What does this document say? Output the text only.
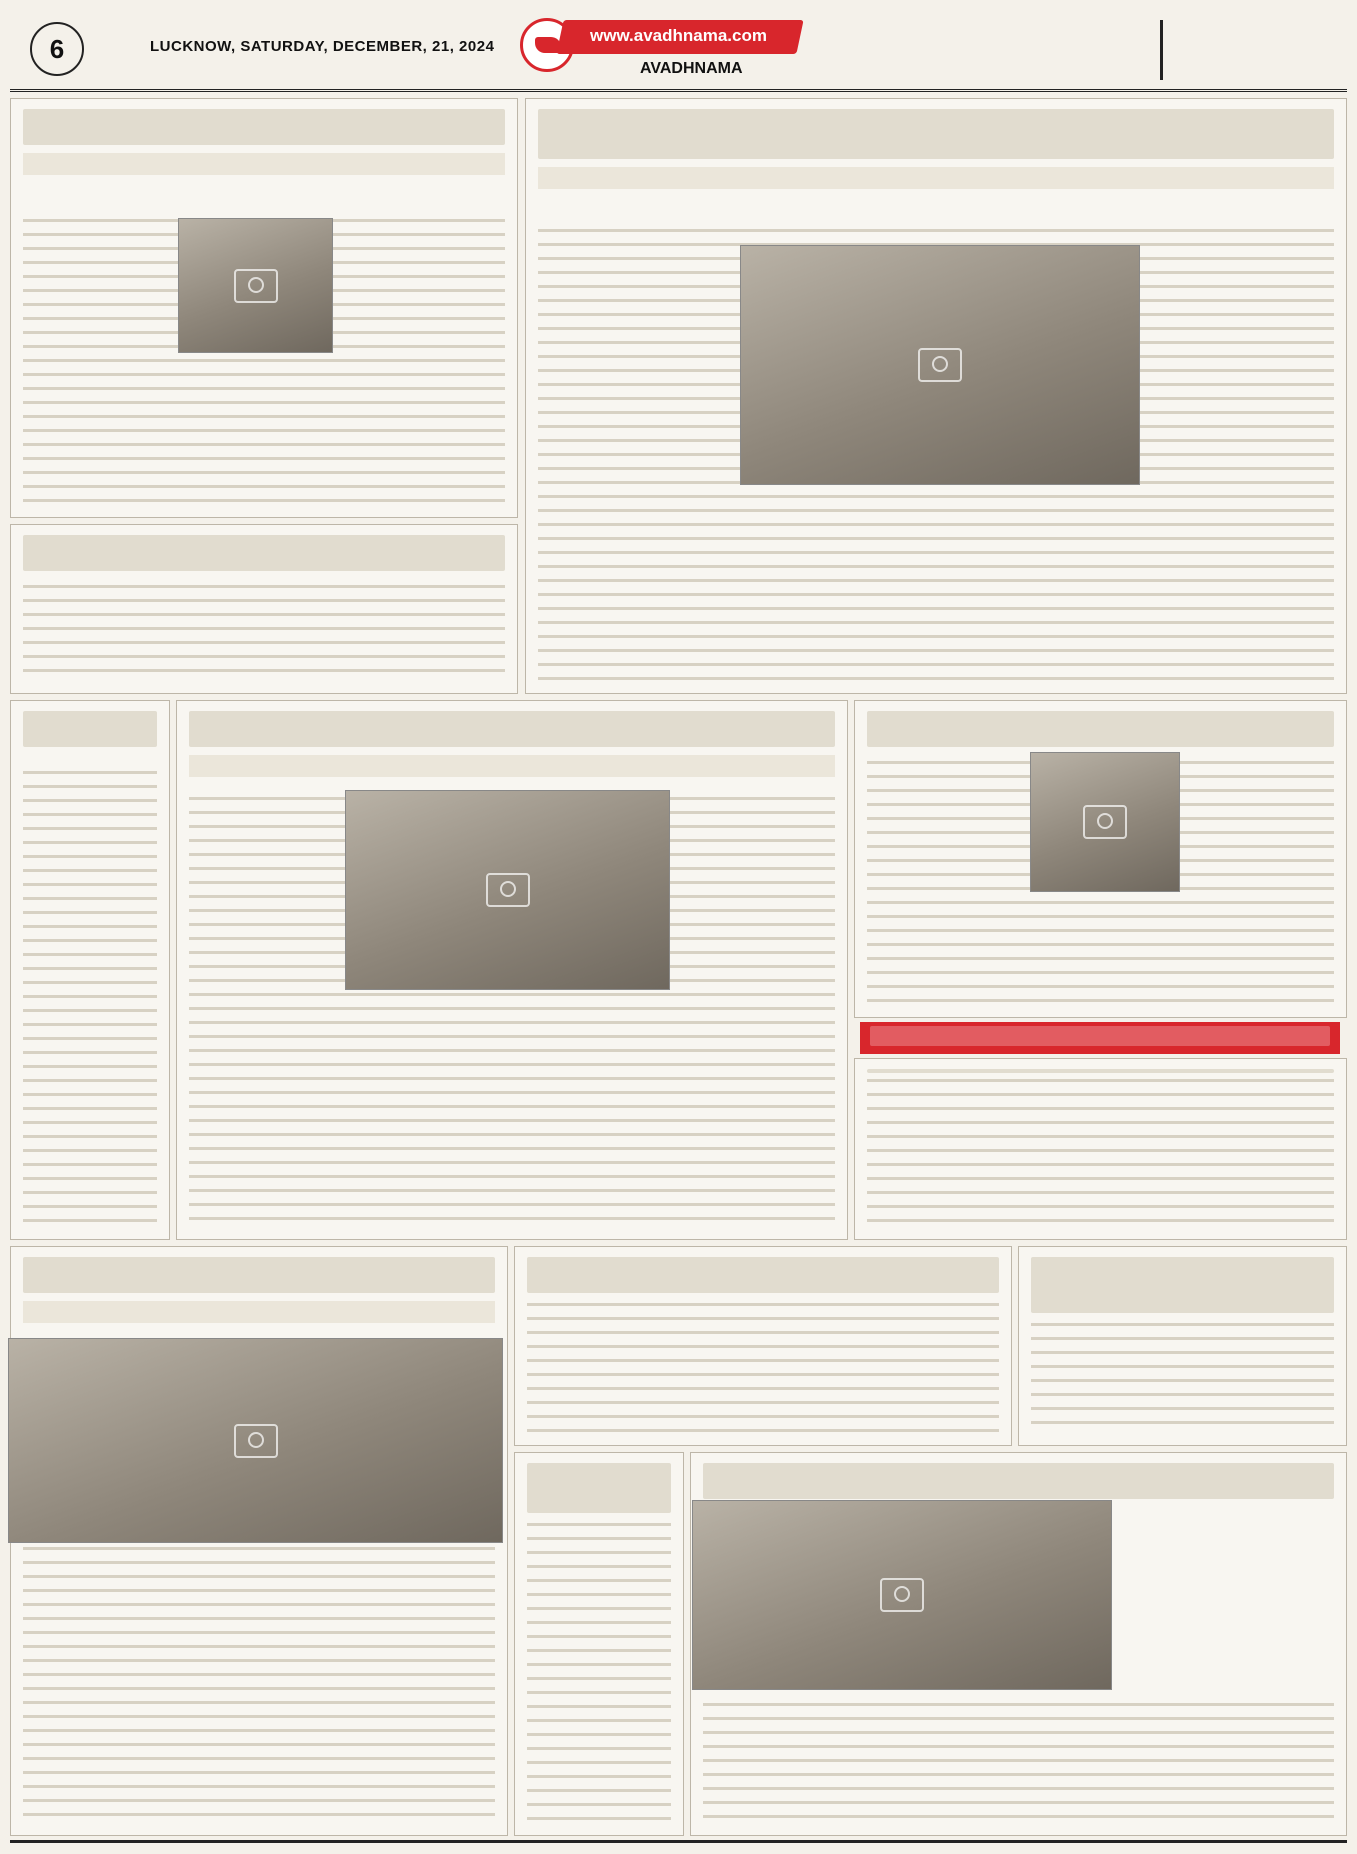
6	LUCKNOW, SATURDAY, DECEMBER, 21, 2024
www.avadhnama.com
AVADHNAMA
